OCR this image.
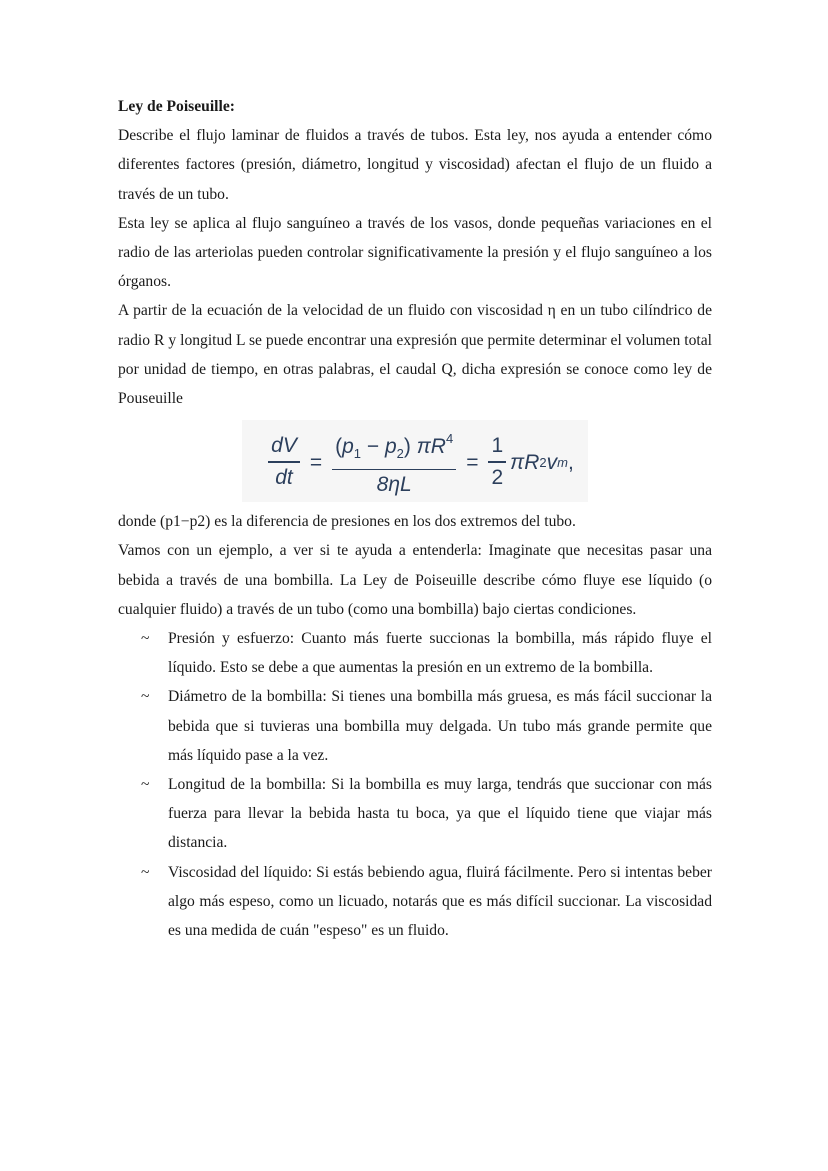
Ley de Poiseuille:

Describe el flujo laminar de fluidos a través de tubos. Esta ley, nos ayuda a entender cómo diferentes factores (presión, diámetro, longitud y viscosidad) afectan el flujo de un fluido a través de un tubo.

Esta ley se aplica al flujo sanguíneo a través de los vasos, donde pequeñas variaciones en el radio de las arteriolas pueden controlar significativamente la presión y el flujo sanguíneo a los órganos.

A partir de la ecuación de la velocidad de un fluido con viscosidad η en un tubo cilíndrico de radio R y longitud L se puede encontrar una expresión que permite determinar el volumen total por unidad de tiempo, en otras palabras, el caudal Q, dicha expresión se conoce como ley de Pouseuille

$\frac{dV}{dt} = \frac{(p_1 - p_2) \pi R^4}{8\eta L} = \frac{1}{2}$ π R 2 v m ,

donde (p1−p2) es la diferencia de presiones en los dos extremos del tubo.

Vamos con un ejemplo, a ver si te ayuda a entenderla: Imaginate que necesitas pasar una bebida a través de una bombilla. La Ley de Poiseuille describe cómo fluye ese líquido (o cualquier fluido) a través de un tubo (como una bombilla) bajo ciertas condiciones.

~	Presión y esfuerzo: Cuanto más fuerte succionas la bombilla, más rápido fluye el líquido. Esto se debe a que aumentas la presión en un extremo de la bombilla.
~	Diámetro de la bombilla: Si tienes una bombilla más gruesa, es más fácil succionar la bebida que si tuvieras una bombilla muy delgada. Un tubo más grande permite que más líquido pase a la vez.
~	Longitud de la bombilla: Si la bombilla es muy larga, tendrás que succionar con más fuerza para llevar la bebida hasta tu boca, ya que el líquido tiene que viajar más distancia.
~	Viscosidad del líquido: Si estás bebiendo agua, fluirá fácilmente. Pero si intentas beber algo más espeso, como un licuado, notarás que es más difícil succionar. La viscosidad es una medida de cuán "espeso" es un fluido.
